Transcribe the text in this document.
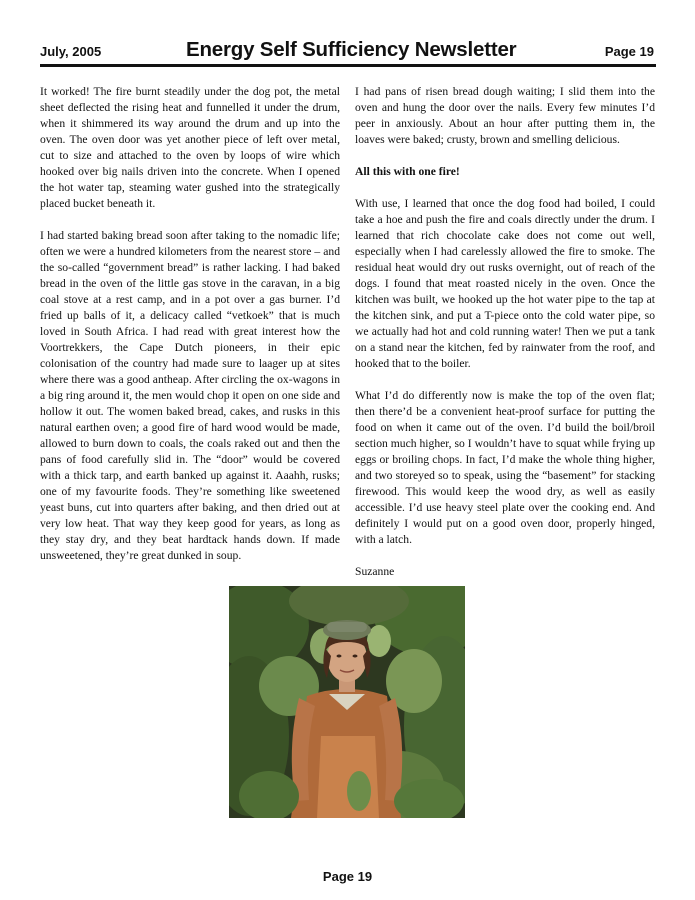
July, 2005	Energy Self Sufficiency Newsletter	Page 19

It worked! The fire burnt steadily under the dog pot, the metal sheet deflected the rising heat and funnelled it under the drum, when it shimmered its way around the drum and up into the oven. The oven door was yet another piece of left over metal, cut to size and attached to the oven by loops of wire which hooked over big nails driven into the concrete. When I opened the hot water tap, steaming water gushed into the strategically placed bucket beneath it.

I had started baking bread soon after taking to the nomadic life; often we were a hundred kilometers from the nearest store – and the so-called “government bread” is rather lacking. I had baked bread in the oven of the little gas stove in the caravan, in a big coal stove at a rest camp, and in a pot over a gas burner. I’d fried up balls of it, a delicacy called “vetkoek” that is much loved in South Africa. I had read with great interest how the Voortrekkers, the Cape Dutch pioneers, in their epic colonisation of the country had made sure to laager up at sites where there was a good antheap. After circling the ox-wagons in a big ring around it, the men would chop it open on one side and hollow it out. The women baked bread, cakes, and rusks in this natural earthen oven; a good fire of hard wood would be made, allowed to burn down to coals, the coals raked out and then the pans of food carefully slid in. The “door” would be covered with a thick tarp, and earth banked up against it. Aaahh, rusks; one of my favourite foods. They’re something like sweetened yeast buns, cut into quarters after baking, and then dried out at very low heat. That way they keep good for years, as long as they stay dry, and they beat hardtack hands down. If made unsweetened, they’re great dunked in soup.

I had pans of risen bread dough waiting; I slid them into the oven and hung the door over the nails. Every few minutes I’d peer in anxiously. About an hour after putting them in, the loaves were baked; crusty, brown and smelling delicious.

All this with one fire!

With use, I learned that once the dog food had boiled, I could take a hoe and push the fire and coals directly under the drum. I learned that rich chocolate cake does not come out well, especially when I had carelessly allowed the fire to smoke. The residual heat would dry out rusks overnight, out of reach of the dogs. I found that meat roasted nicely in the oven. Once the kitchen was built, we hooked up the hot water pipe to the tap at the kitchen sink, and put a T-piece onto the cold water pipe, so we actually had hot and cold running water! Then we put a tank on a stand near the kitchen, fed by rainwater from the roof, and hooked that to the boiler.

What I’d do differently now is make the top of the oven flat; then there’d be a convenient heat-proof surface for putting the food on when it came out of the oven. I’d build the boil/broil section much higher, so I wouldn’t have to squat while frying up eggs or broiling chops. In fact, I’d make the whole thing higher, and two storeyed so to speak, using the “basement” for stacking firewood. This would keep the wood dry, as well as easily accessible. I’d use heavy steel plate over the cooking end. And definitely I would put on a good oven door, properly hinged, with a latch.

Suzanne

Page 19
